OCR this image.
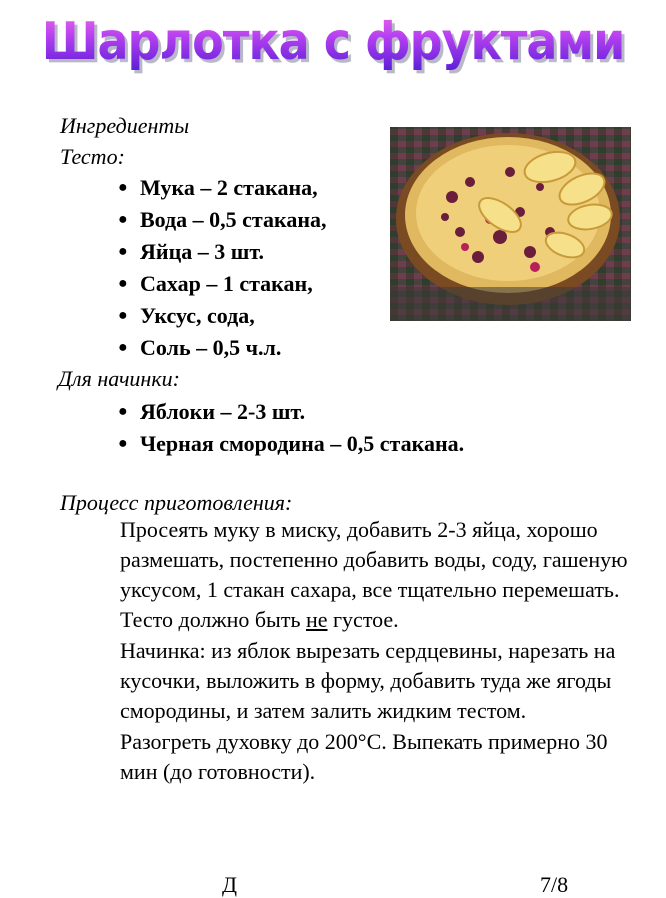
Шарлотка с фруктами
Ингредиенты
Тесто:
● Мука – 2 стакана,
● Вода – 0,5 стакана,
● Яйца – 3 шт.
● Сахар – 1 стакан,
● Уксус, сода,
● Соль – 0,5 ч.л.
Для начинки:
● Яблоки – 2-3 шт.
● Черная смородина – 0,5 стакана.
Процесс приготовления:

Просеять муку в миску, добавить 2-3 яйца, хорошо размешать, постепенно добавить воды, соду, гашеную уксусом, 1 стакан сахара, все тщательно перемешать. Тесто должно быть не густое.

Начинка: из яблок вырезать сердцевины, нарезать на кусочки, выложить в форму, добавить туда же ягоды смородины, и затем залить жидким тестом.

Разогреть духовку до 200°С. Выпекать примерно 30 мин (до готовности).

Д	7/8
